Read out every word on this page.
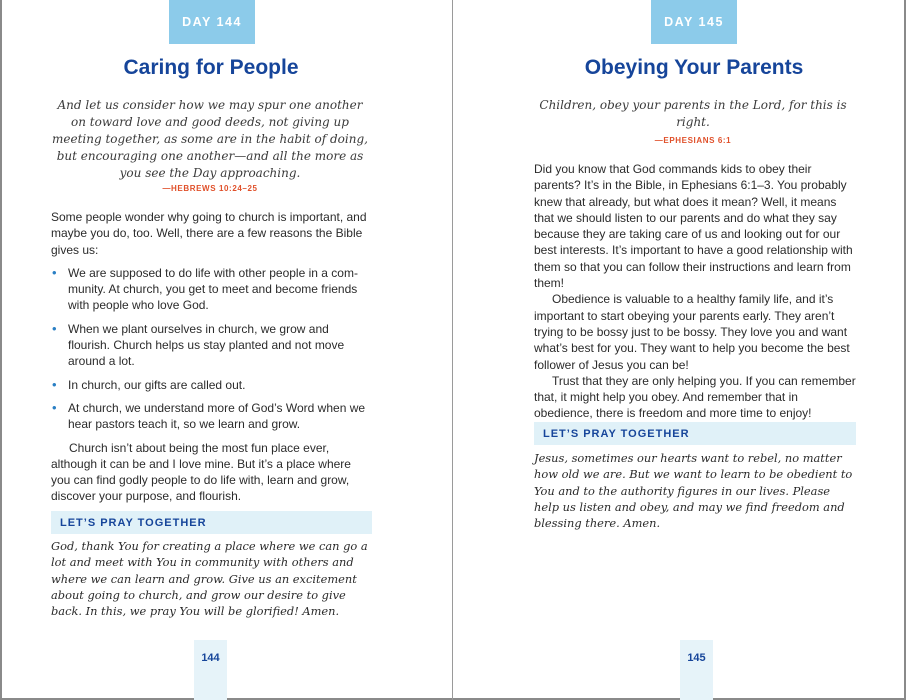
DAY 144
Caring for People
And let us consider how we may spur one another on toward love and good deeds, not giving up meeting together, as some are in the habit of doing, but encouraging one another—and all the more as you see the Day approaching.
—HEBREWS 10:24–25

Some people wonder why going to church is important, and maybe you do, too. Well, there are a few reasons the Bible gives us:

• We are supposed to do life with other people in a community. At church, you get to meet and become friends with people who love God.
• When we plant ourselves in church, we grow and flourish. Church helps us stay planted and not move around a lot.
• In church, our gifts are called out.
• At church, we understand more of God’s Word when we hear pastors teach it, so we learn and grow.

Church isn’t about being the most fun place ever, although it can be and I love mine. But it’s a place where you can find godly people to do life with, learn and grow, discover your purpose, and flourish.

LET’S PRAY TOGETHER
God, thank You for creating a place where we can go a lot and meet with You in community with others and where we can learn and grow. Give us an excitement about going to church, and grow our desire to give back. In this, we pray You will be glorified! Amen.
144
DAY 145
Obeying Your Parents
Children, obey your parents in the Lord, for this is right.
—EPHESIANS 6:1

Did you know that God commands kids to obey their parents? It’s in the Bible, in Ephesians 6:1–3. You probably knew that already, but what does it mean? Well, it means that we should listen to our parents and do what they say because they are taking care of us and looking out for our best interests. It’s important to have a good relationship with them so that you can follow their instructions and learn from them!

Obedience is valuable to a healthy family life, and it’s important to start obeying your parents early. They aren’t trying to be bossy just to be bossy. They love you and want what’s best for you. They want to help you become the best follower of Jesus you can be!

Trust that they are only helping you. If you can remember that, it might help you obey. And remember that in obedience, there is freedom and more time to enjoy!

LET’S PRAY TOGETHER
Jesus, sometimes our hearts want to rebel, no matter how old we are. But we want to learn to be obedient to You and to the authority figures in our lives. Please help us listen and obey, and may we find freedom and blessing there. Amen.
145
